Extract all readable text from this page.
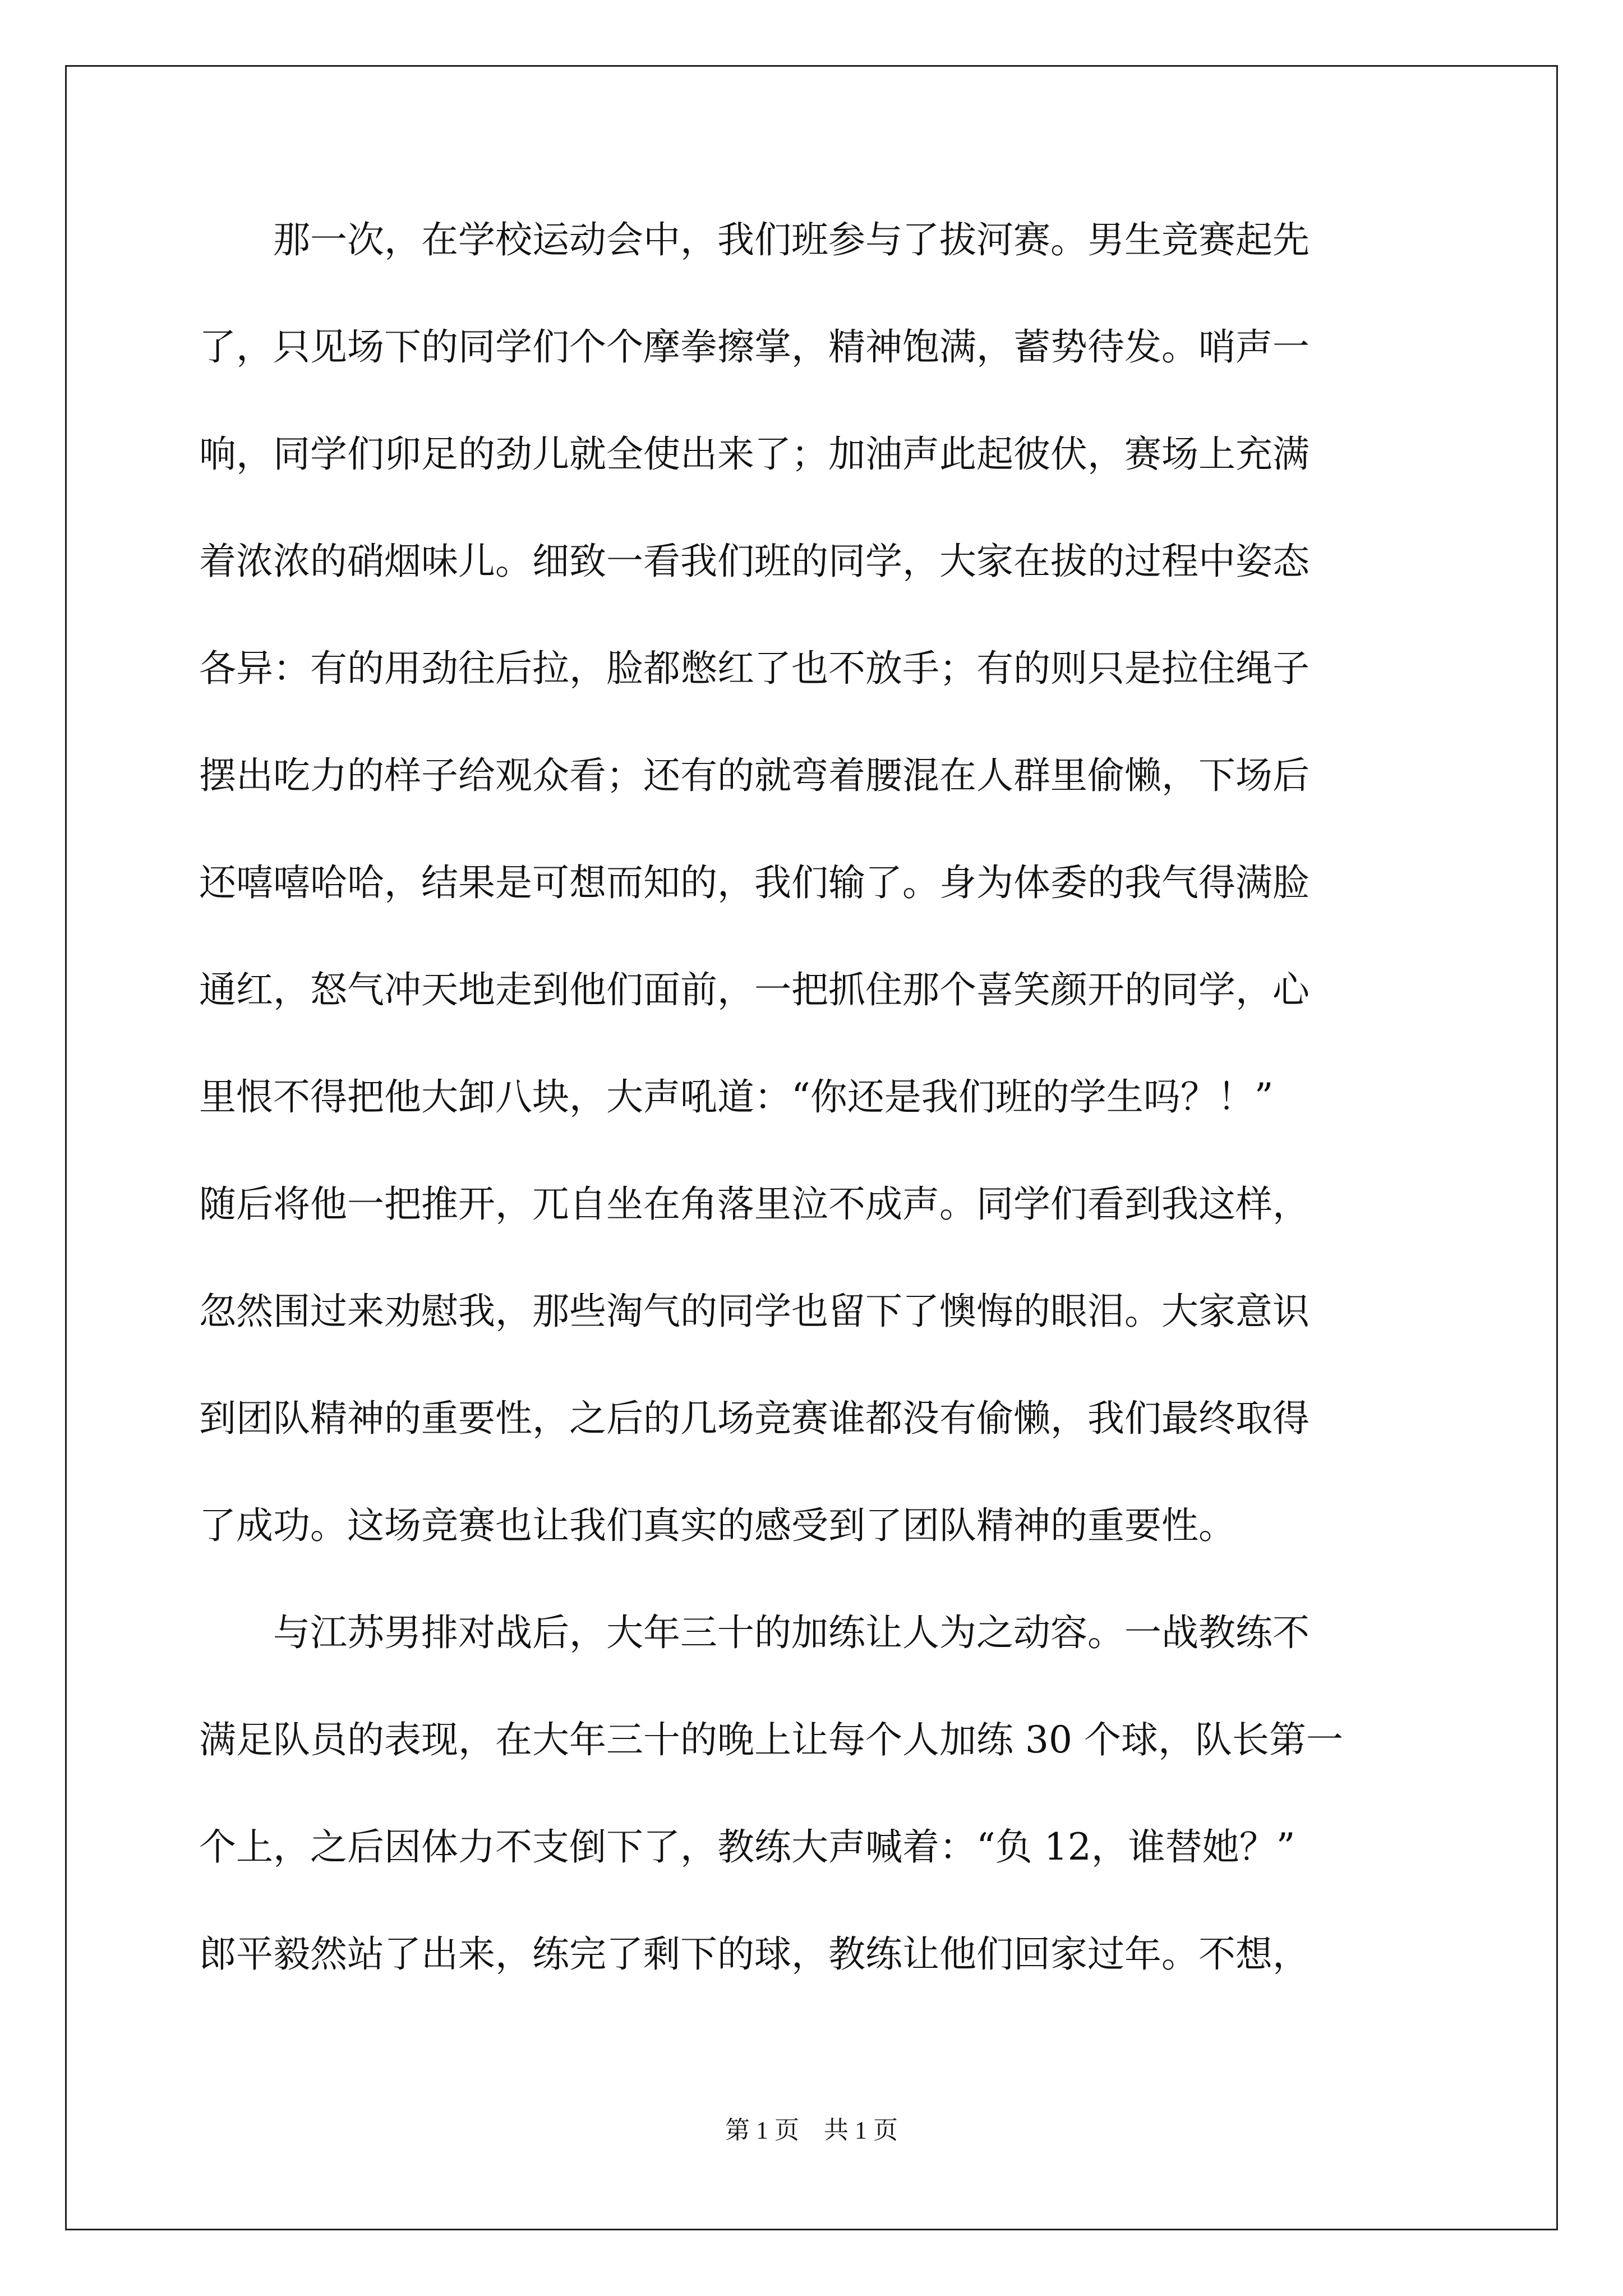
　　那一次，在学校运动会中，我们班参与了拔河赛。男生竞赛起先
了，只见场下的同学们个个摩拳擦掌，精神饱满，蓄势待发。哨声一
响，同学们卯足的劲儿就全使出来了；加油声此起彼伏，赛场上充满
着浓浓的硝烟味儿。细致一看我们班的同学，大家在拔的过程中姿态
各异：有的用劲往后拉，脸都憋红了也不放手；有的则只是拉住绳子
摆出吃力的样子给观众看；还有的就弯着腰混在人群里偷懒，下场后
还嘻嘻哈哈，结果是可想而知的，我们输了。身为体委的我气得满脸
通红，怒气冲天地走到他们面前，一把抓住那个喜笑颜开的同学，心
里恨不得把他大卸八块，大声吼道：“你还是我们班的学生吗？！”
随后将他一把推开，兀自坐在角落里泣不成声。同学们看到我这样，
忽然围过来劝慰我，那些淘气的同学也留下了懊悔的眼泪。大家意识
到团队精神的重要性，之后的几场竞赛谁都没有偷懒，我们最终取得
了成功。这场竞赛也让我们真实的感受到了团队精神的重要性。
　　与江苏男排对战后，大年三十的加练让人为之动容。一战教练不
满足队员的表现，在大年三十的晚上让每个人加练 30 个球，队长第一
个上，之后因体力不支倒下了，教练大声喊着：“负 12，谁替她？”
郎平毅然站了出来，练完了剩下的球，教练让他们回家过年。不想，
第 1 页　共 1 页
